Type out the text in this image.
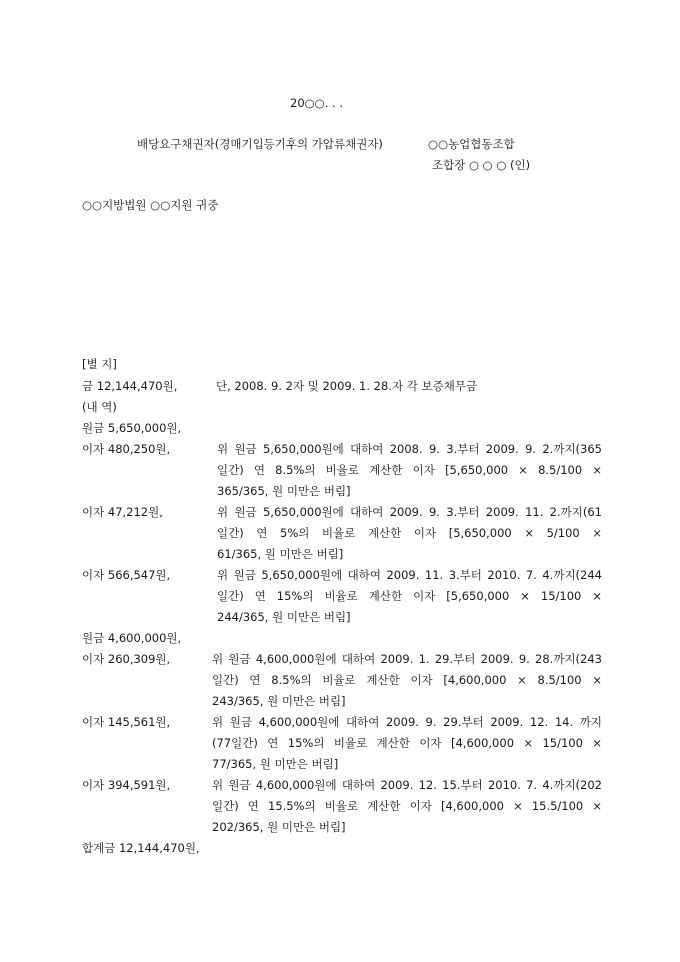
20○○. . .
배당요구채권자(경매기입등기후의 가압류채권자)	○○농업협동조합
조합장 ○ ○ ○ (인)
○○지방법원 ○○지원 귀중
[별 지]
금 12,144,470원,	단, 2008. 9. 2자 및 2009. 1. 28.자 각 보증채무금
(내 역)
원금 5,650,000원,
이자 480,250원,	위 원금 5,650,000원에 대하여 2008. 9. 3.부터 2009. 9. 2.까지(365
일간) 연 8.5%의 비율로 계산한 이자 [5,650,000 × 8.5/100 ×
365/365, 원 미만은 버림]
이자 47,212원,	위 원금 5,650,000원에 대하여 2009. 9. 3.부터 2009. 11. 2.까지(61
일간) 연 5%의 비율로 계산한 이자 [5,650,000 × 5/100 ×
61/365, 원 미만은 버림]
이자 566,547원,	위 원금 5,650,000원에 대하여 2009. 11. 3.부터 2010. 7. 4.까지(244
일간) 연 15%의 비율로 계산한 이자 [5,650,000 × 15/100 ×
244/365, 원 미만은 버림]
원금 4,600,000원,
이자 260,309원,	위 원금 4,600,000원에 대하여 2009. 1. 29.부터 2009. 9. 28.까지(243
일간) 연 8.5%의 비율로 계산한 이자 [4,600,000 × 8.5/100 ×
243/365, 원 미만은 버림]
이자 145,561원,	위 원금 4,600,000원에 대하여 2009. 9. 29.부터 2009. 12. 14. 까지
(77일간) 연 15%의 비율로 계산한 이자 [4,600,000 × 15/100 ×
77/365, 원 미만은 버림]
이자 394,591원,	위 원금 4,600,000원에 대하여 2009. 12. 15.부터 2010. 7. 4.까지(202
일간) 연 15.5%의 비율로 계산한 이자 [4,600,000 × 15.5/100 ×
202/365, 원 미만은 버림]
합계금 12,144,470원,
